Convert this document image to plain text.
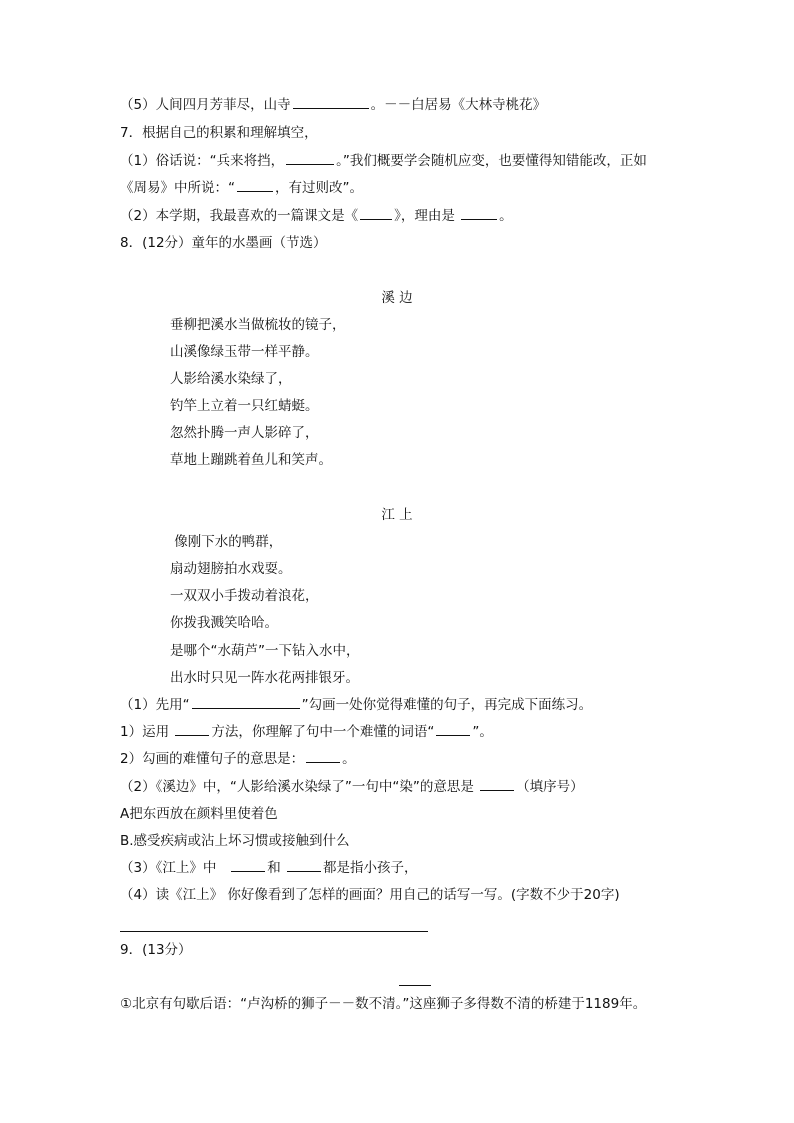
（5）人间四月芳菲尽，山寺	。－－白居易《大林寺桃花》
7．根据自己的积累和理解填空，
（1）俗话说：“兵来将挡，	。”我们概要学会随机应变，也要懂得知错能改，正如
《周易》中所说：“	，有过则改”。
（2）本学期，我最喜欢的一篇课文是《	》，理由是	。
8．(12分）童年的水墨画（节选）
溪 边
垂柳把溪水当做梳妆的镜子，
山溪像绿玉带一样平静。
人影给溪水染绿了，
钓竿上立着一只红蜻蜓。
忽然扑腾一声人影碎了，
草地上蹦跳着鱼儿和笑声。
江 上
像刚下水的鸭群，
扇动翅膀拍水戏耍。
一双双小手拨动着浪花，
你拨我溅笑哈哈。
是哪个“水葫芦”一下钻入水中，
出水时只见一阵水花两排银牙。
（1）先用“	”勾画一处你觉得难懂的句子，再完成下面练习。
1）运用	方法，你理解了句中一个难懂的词语“	”。
2）勾画的难懂句子的意思是：	。
（2）《溪边》中，“人影给溪水染绿了”一句中“染”的意思是	（填序号）
A把东西放在颜料里使着色
B.感受疾病或沾上坏习惯或接触到什么
（3）《江上》中	和	都是指小孩子，
（4）读《江上》 你好像看到了怎样的画面？用自己的话写一写。(字数不少于20字)
9．(13分）
①北京有句歇后语：“卢沟桥的狮子－－数不清。”这座狮子多得数不清的桥建于1189年。
